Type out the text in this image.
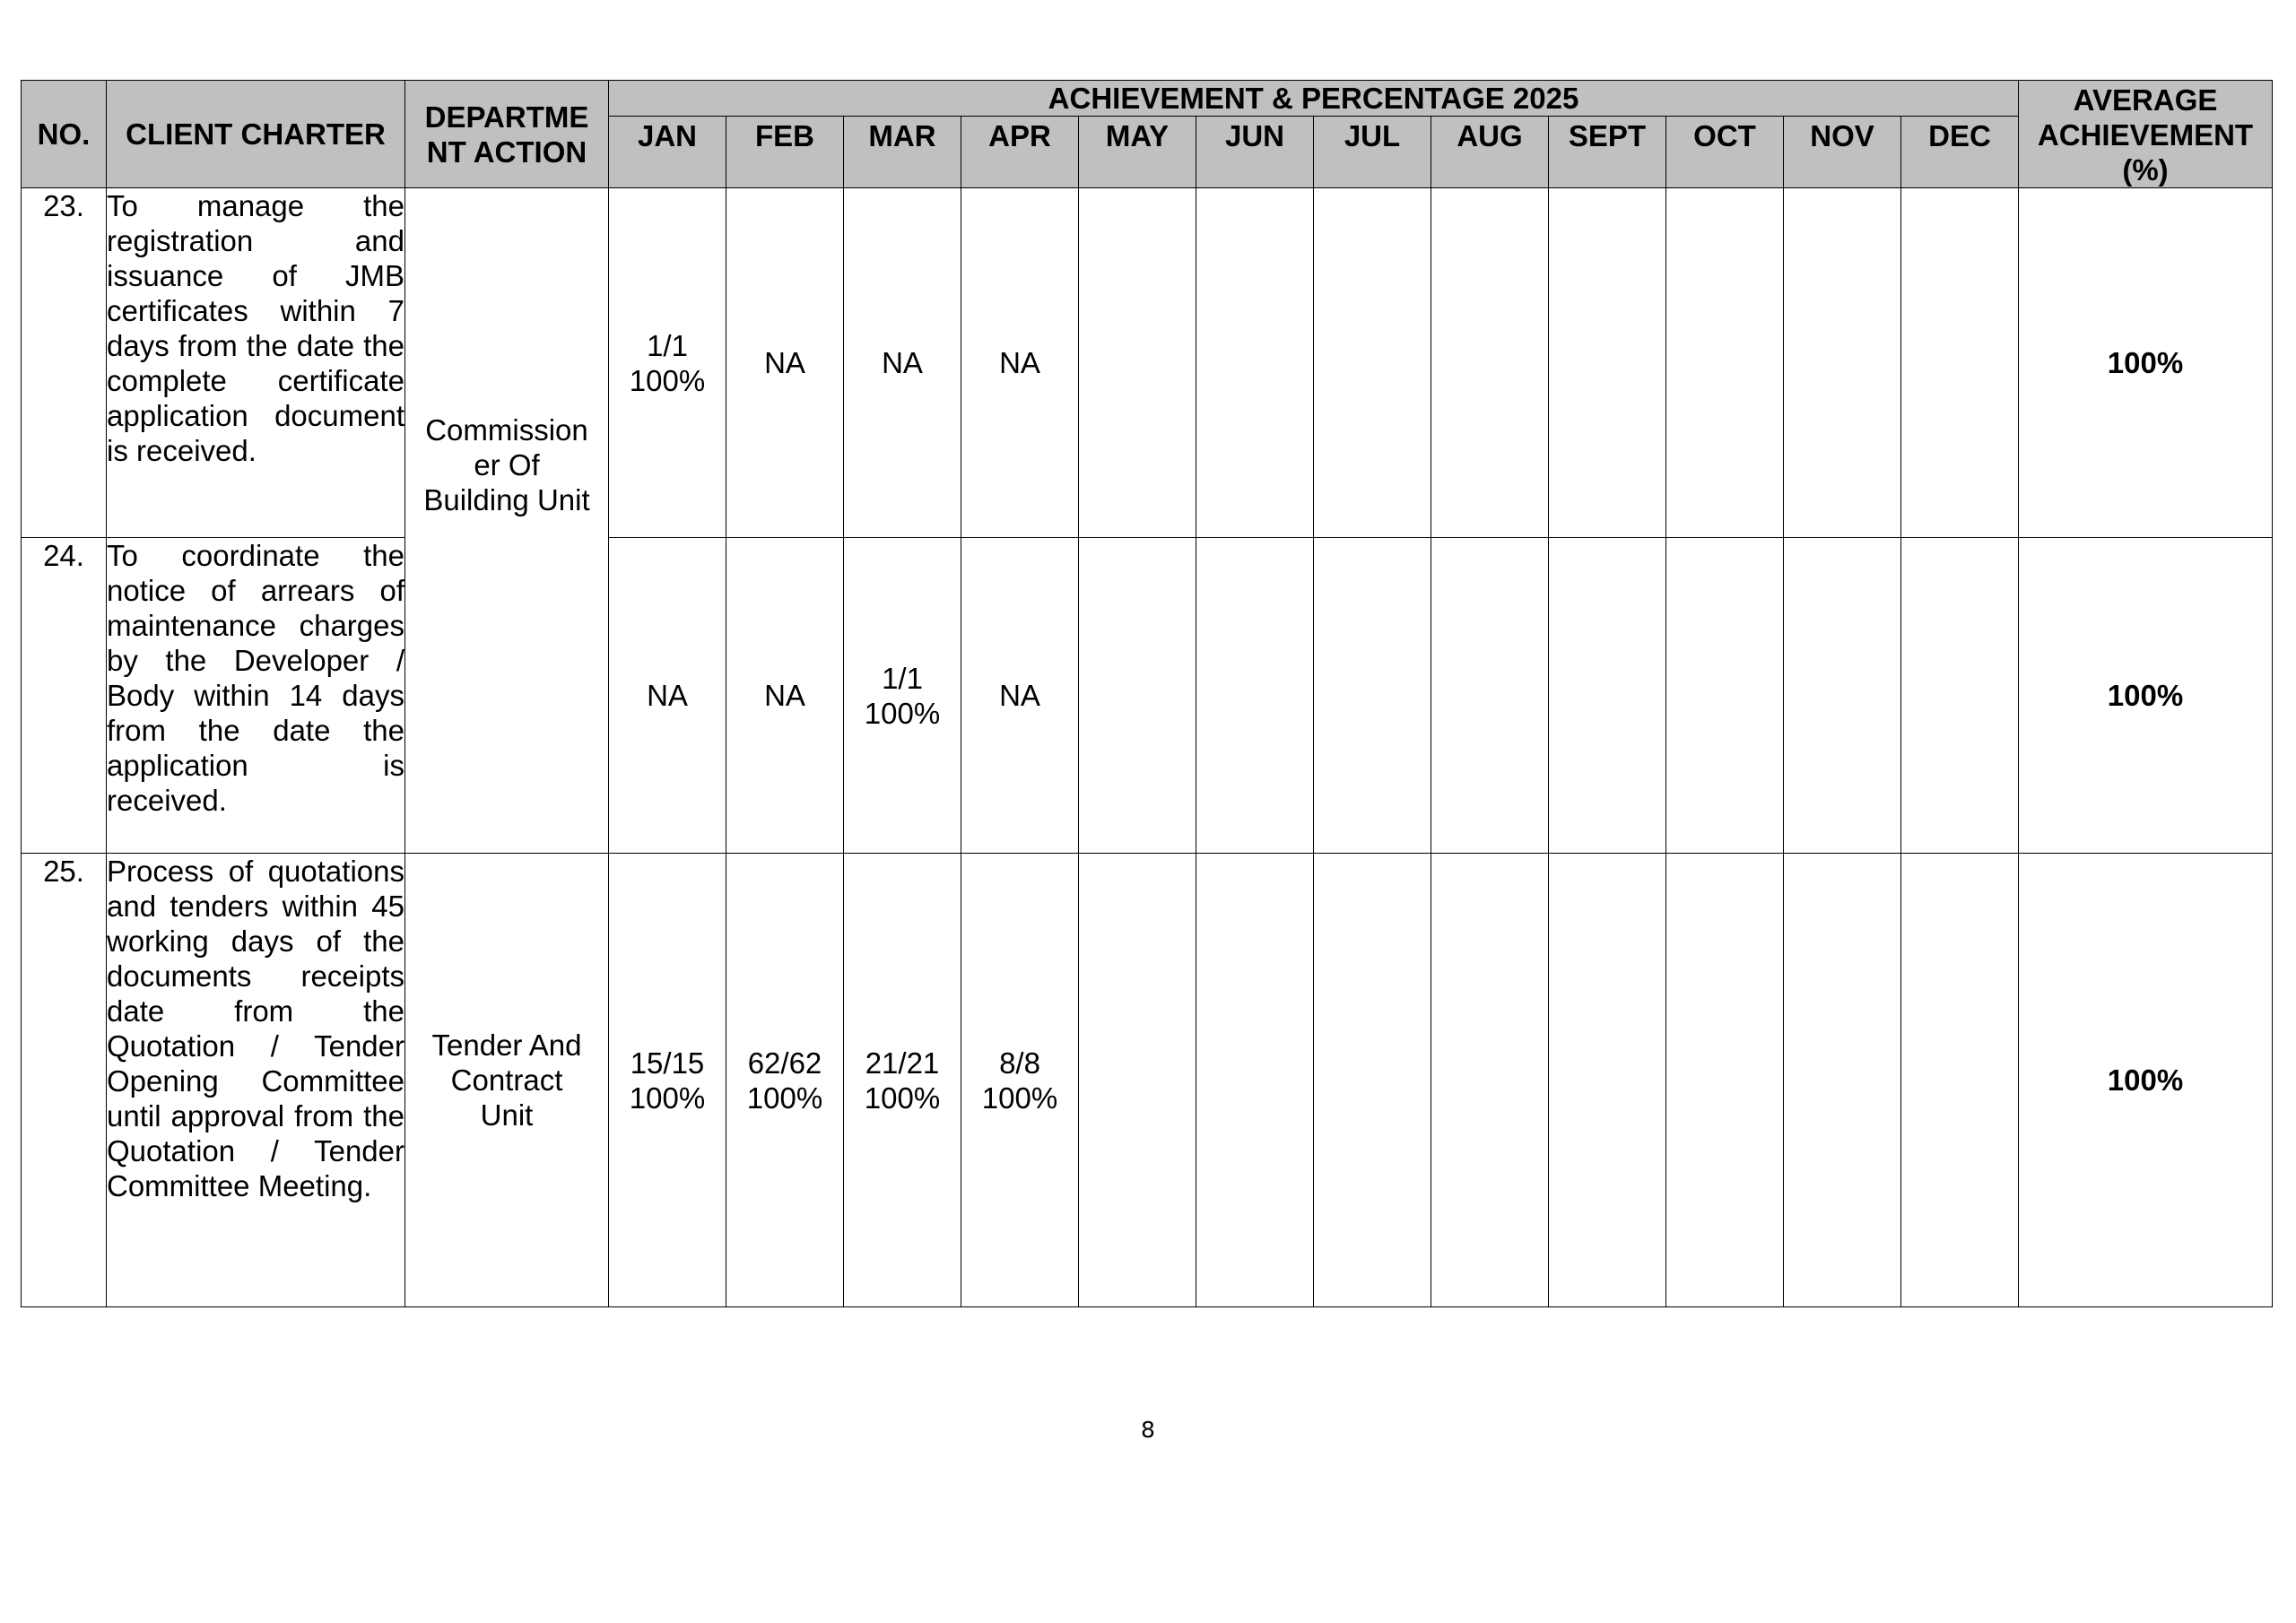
NO.	CLIENT CHARTER	DEPARTME
NT ACTION	ACHIEVEMENT & PERCENTAGE 2025												AVERAGE
ACHIEVEMENT
(%)

			JAN	FEB	MAR	APR	MAY	JUN	JUL	AUG	SEPT	OCT	NOV	DEC	
23.	To manage the registration and issuance of JMB certificates within 7 days from the date the complete certificate application document is received.	Commission
er Of
Building Unit	1/1
100%	NA	NA	NA									100%
24.	To coordinate the notice of arrears of maintenance charges by the Developer / Body within 14 days from the date the application is received.		NA	NA	1/1
100%	NA									100%
25.	Process of quotations and tenders within 45 working days of the documents receipts date from the Quotation / Tender Opening Committee until approval from the Quotation / Tender Committee Meeting.	Tender And
Contract
Unit	15/15
100%	62/62
100%	21/21
100%	8/8
100%									100%
8
